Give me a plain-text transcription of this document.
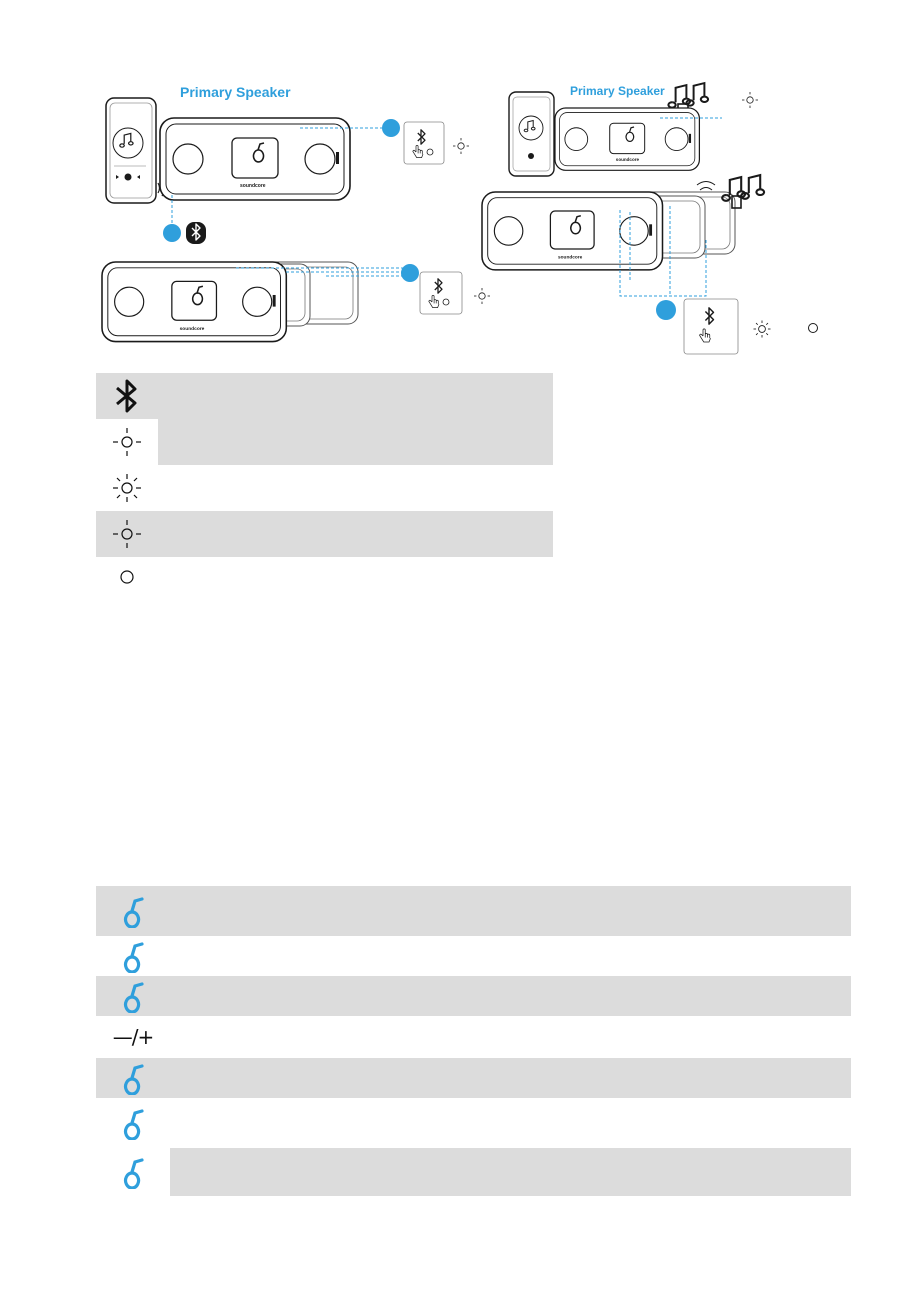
Primary Speaker
soundcore
soundcore
Primary Speaker
soundcore
soundcore
—/+
